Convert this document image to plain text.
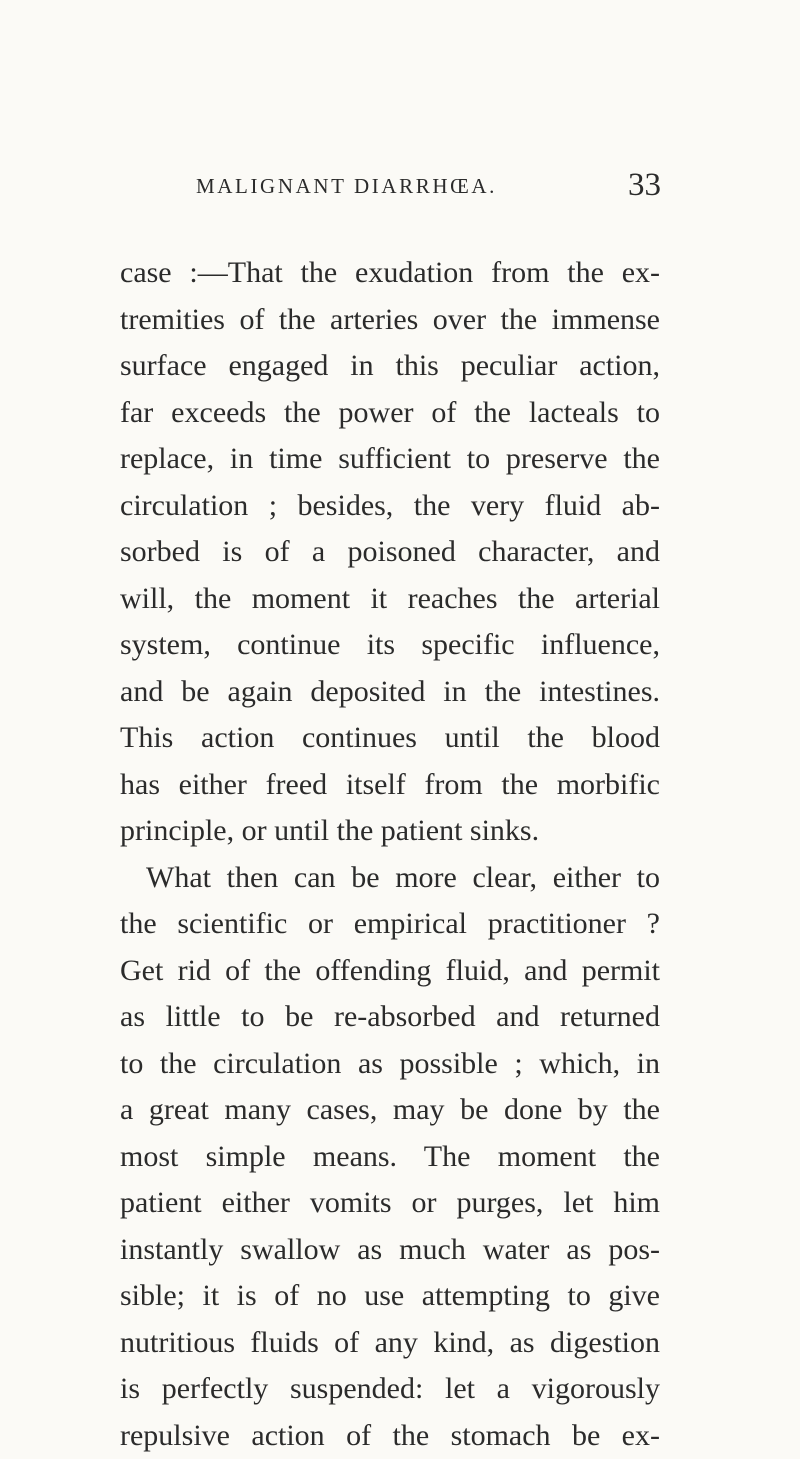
MALIGNANT DIARRHŒA.	33
case :—That the exudation from the ex-
tremities of the arteries over the immense
surface engaged in this peculiar action,
far exceeds the power of the lacteals to
replace, in time sufficient to preserve the
circulation ; besides, the very fluid ab-
sorbed is of a poisoned character, and
will, the moment it reaches the arterial
system, continue its specific influence,
and be again deposited in the intestines.
This action continues until the blood
has either freed itself from the morbific
principle, or until the patient sinks.
What then can be more clear, either to
the scientific or empirical practitioner ?
Get rid of the offending fluid, and permit
as little to be re-absorbed and returned
to the circulation as possible ; which, in
a great many cases, may be done by the
most simple means. The moment the
patient either vomits or purges, let him
instantly swallow as much water as pos-
sible; it is of no use attempting to give
nutritious fluids of any kind, as digestion
is perfectly suspended: let a vigorously
repulsive action of the stomach be ex-
